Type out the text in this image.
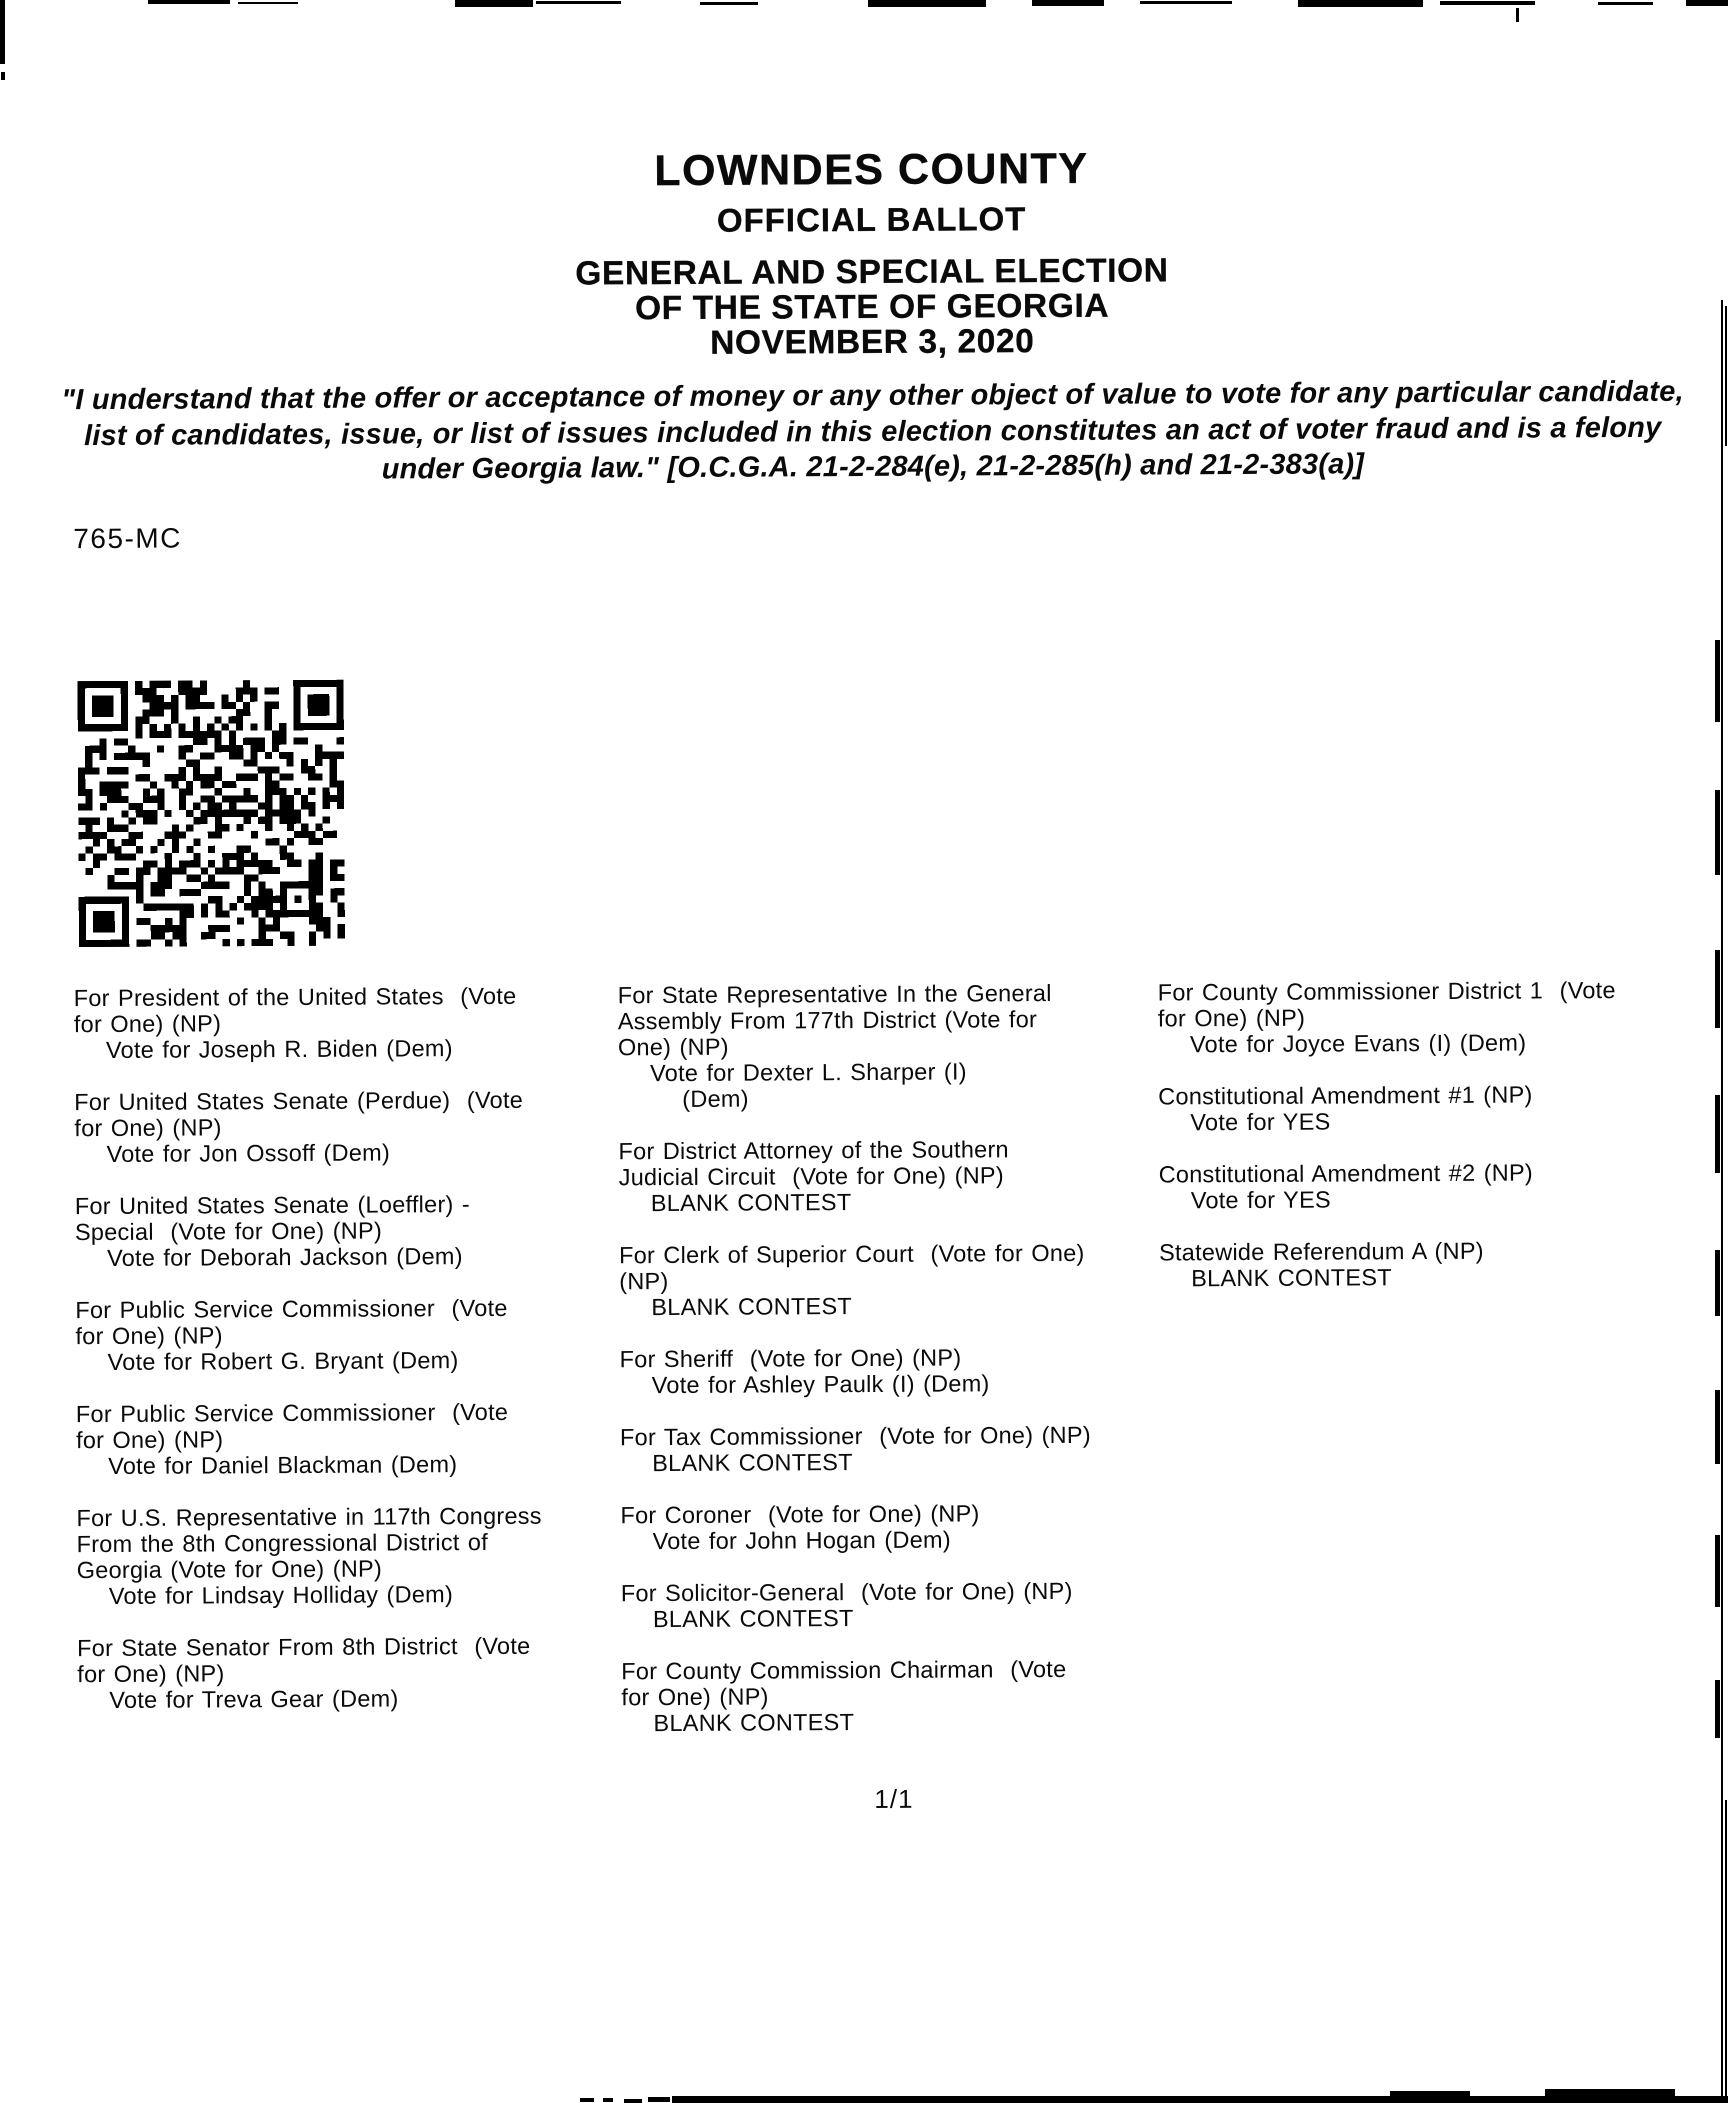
LOWNDES COUNTY
OFFICIAL BALLOT
GENERAL AND SPECIAL ELECTION
OF THE STATE OF GEORGIA
NOVEMBER 3, 2020
"I understand that the offer or acceptance of money or any other object of value to vote for any particular candidate,
list of candidates, issue, or list of issues included in this election constitutes an act of voter fraud and is a felony
under Georgia law." [O.C.G.A. 21-2-284(e), 21-2-285(h) and 21-2-383(a)]
765-MC
For President of the United States  (Vote
for One) (NP)
Vote for Joseph R. Biden (Dem)
For United States Senate (Perdue)  (Vote
for One) (NP)
Vote for Jon Ossoff (Dem)
For United States Senate (Loeffler) -
Special  (Vote for One) (NP)
Vote for Deborah Jackson (Dem)
For Public Service Commissioner  (Vote
for One) (NP)
Vote for Robert G. Bryant (Dem)
For Public Service Commissioner  (Vote
for One) (NP)
Vote for Daniel Blackman (Dem)
For U.S. Representative in 117th Congress
From the 8th Congressional District of
Georgia (Vote for One) (NP)
Vote for Lindsay Holliday (Dem)
For State Senator From 8th District  (Vote
for One) (NP)
Vote for Treva Gear (Dem)
For State Representative In the General
Assembly From 177th District (Vote for
One) (NP)
Vote for Dexter L. Sharper (I)
(Dem)
For District Attorney of the Southern
Judicial Circuit  (Vote for One) (NP)
BLANK CONTEST
For Clerk of Superior Court  (Vote for One)
(NP)
BLANK CONTEST
For Sheriff  (Vote for One) (NP)
Vote for Ashley Paulk (I) (Dem)
For Tax Commissioner  (Vote for One) (NP)
BLANK CONTEST
For Coroner  (Vote for One) (NP)
Vote for John Hogan (Dem)
For Solicitor-General  (Vote for One) (NP)
BLANK CONTEST
For County Commission Chairman  (Vote
for One) (NP)
BLANK CONTEST
For County Commissioner District 1  (Vote
for One) (NP)
Vote for Joyce Evans (I) (Dem)
Constitutional Amendment #1 (NP)
Vote for YES
Constitutional Amendment #2 (NP)
Vote for YES
Statewide Referendum A (NP)
BLANK CONTEST
1/1
